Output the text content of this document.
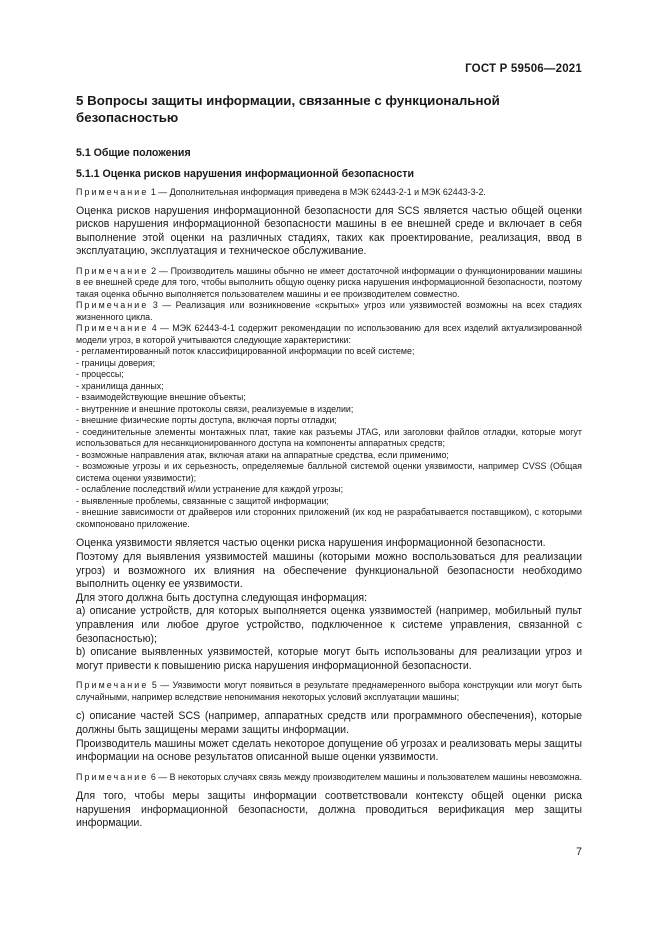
ГОСТ Р 59506—2021
5 Вопросы защиты информации, связанные с функциональной безопасностью
5.1 Общие положения
5.1.1 Оценка рисков нарушения информационной безопасности
Примечание 1 — Дополнительная информация приведена в МЭК 62443-2-1 и МЭК 62443-3-2.
Оценка рисков нарушения информационной безопасности для SCS является частью общей оценки рисков нарушения информационной безопасности машины в ее внешней среде и включает в себя выполнение этой оценки на различных стадиях, таких как проектирование, реализация, ввод в эксплуатацию, эксплуатация и техническое обслуживание.
Примечание 2 — Производитель машины обычно не имеет достаточной информации о функционировании машины в ее внешней среде для того, чтобы выполнить общую оценку риска нарушения информационной безопасности, поэтому такая оценка обычно выполняется пользователем машины и ее производителем совместно.
Примечание 3 — Реализация или возникновение «скрытых» угроз или уязвимостей возможны на всех стадиях жизненного цикла.
Примечание 4 — МЭК 62443-4-1 содержит рекомендации по использованию для всех изделий актуализированной модели угроз, в которой учитываются следующие характеристики:
- регламентированный поток классифицированной информации по всей системе;
- границы доверия;
- процессы;
- хранилища данных;
- взаимодействующие внешние объекты;
- внутренние и внешние протоколы связи, реализуемые в изделии;
- внешние физические порты доступа, включая порты отладки;
- соединительные элементы монтажных плат, такие как разъемы JTAG, или заголовки файлов отладки, которые могут использоваться для несанкционированного доступа на компоненты аппаратных средств;
- возможные направления атак, включая атаки на аппаратные средства, если применимо;
- возможные угрозы и их серьезность, определяемые балльной системой оценки уязвимости, например CVSS (Общая система оценки уязвимости);
- ослабление последствий и/или устранение для каждой угрозы;
- выявленные проблемы, связанные с защитой информации;
- внешние зависимости от драйверов или сторонних приложений (их код не разрабатывается поставщиком), с которыми скомпоновано приложение.
Оценка уязвимости является частью оценки риска нарушения информационной безопасности.
Поэтому для выявления уязвимостей машины (которыми можно воспользоваться для реализации угроз) и возможного их влияния на обеспечение функциональной безопасности необходимо выполнить оценку ее уязвимости.
Для этого должна быть доступна следующая информация:
a) описание устройств, для которых выполняется оценка уязвимостей (например, мобильный пульт управления или любое другое устройство, подключенное к системе управления, связанной с безопасностью);
b) описание выявленных уязвимостей, которые могут быть использованы для реализации угроз и могут привести к повышению риска нарушения информационной безопасности.
Примечание 5 — Уязвимости могут появиться в результате преднамеренного выбора конструкции или могут быть случайными, например вследствие непонимания некоторых условий эксплуатации машины;
c) описание частей SCS (например, аппаратных средств или программного обеспечения), которые должны быть защищены мерами защиты информации.
Производитель машины может сделать некоторое допущение об угрозах и реализовать меры защиты информации на основе результатов описанной выше оценки уязвимости.
Примечание 6 — В некоторых случаях связь между производителем машины и пользователем машины невозможна.
Для того, чтобы меры защиты информации соответствовали контексту общей оценки риска нарушения информационной безопасности, должна проводиться верификация мер защиты информации.
7
